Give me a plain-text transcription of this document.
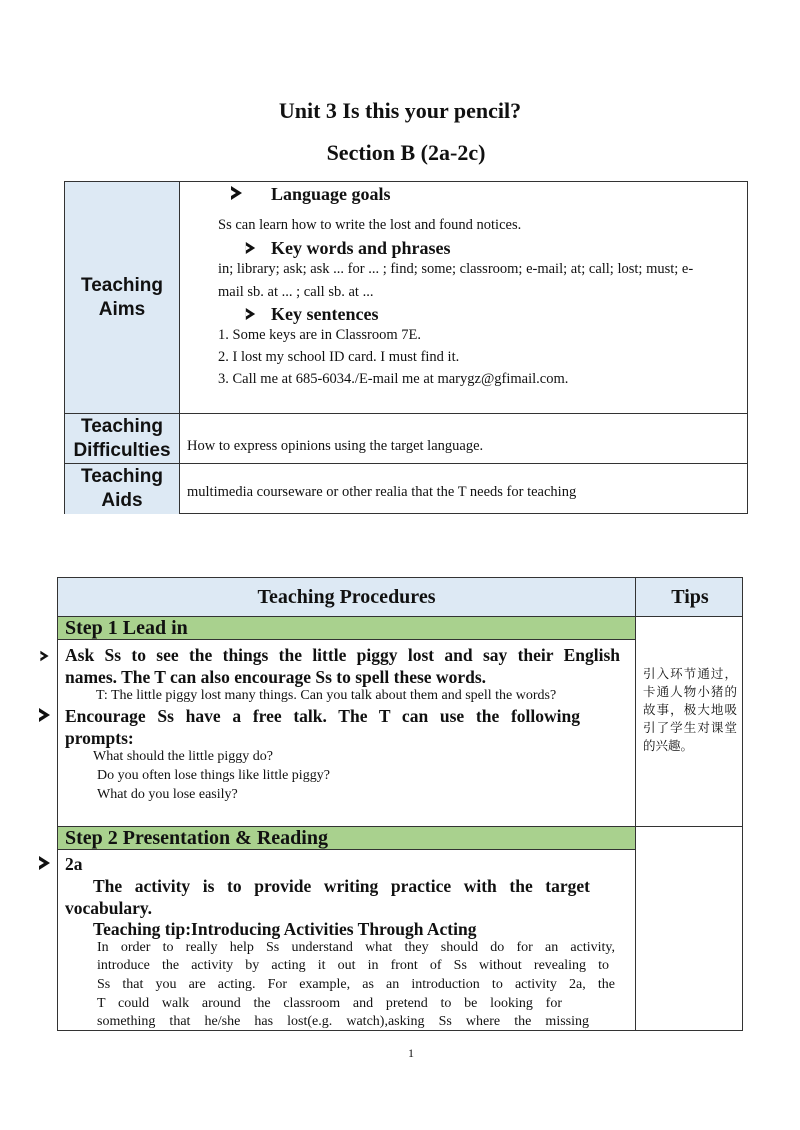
Unit 3 Is this your pencil?
Section B (2a-2c)
Teaching
Aims
Teaching
Difficulties
Teaching
Aids
Language goals
Ss can learn how to write the lost and found notices.
Key words and phrases
in; library; ask; ask ... for ... ; find; some; classroom; e-mail; at; call; lost; must; e-
mail sb. at ... ; call sb. at ...
Key sentences
1. Some keys are in Classroom 7E.
2. I lost my school ID card. I must find it.
3. Call me at 685-6034./E-mail me at marygz@gfimail.com.
How to express opinions using the target language.
multimedia courseware or other realia that the T needs for teaching
Teaching Procedures	Tips
Step 1 Lead in
Step 2 Presentation & Reading
Ask Ss to see the things the little piggy lost and say their English
names. The T can also encourage Ss to spell these words.
T: The little piggy lost many things. Can you talk about them and spell the words?
Encourage Ss have a free talk. The T can use the following
prompts:
What should the little piggy do?
Do you often lose things like little piggy?
What do you lose easily?
引入环节通过，卡通人物小猪的故事，极大地吸引了学生对课堂的兴趣。
2a
The activity is to provide writing practice with the target
vocabulary.
Teaching tip:Introducing Activities Through Acting
In order to really help Ss understand what they should do for an activity,
introduce the activity by acting it out in front of Ss without revealing to
Ss that you are acting. For example, as an introduction to activity 2a, the
T could walk around the classroom and pretend to be looking for
something that he/she has lost(e.g. watch),asking Ss where the missing
1
